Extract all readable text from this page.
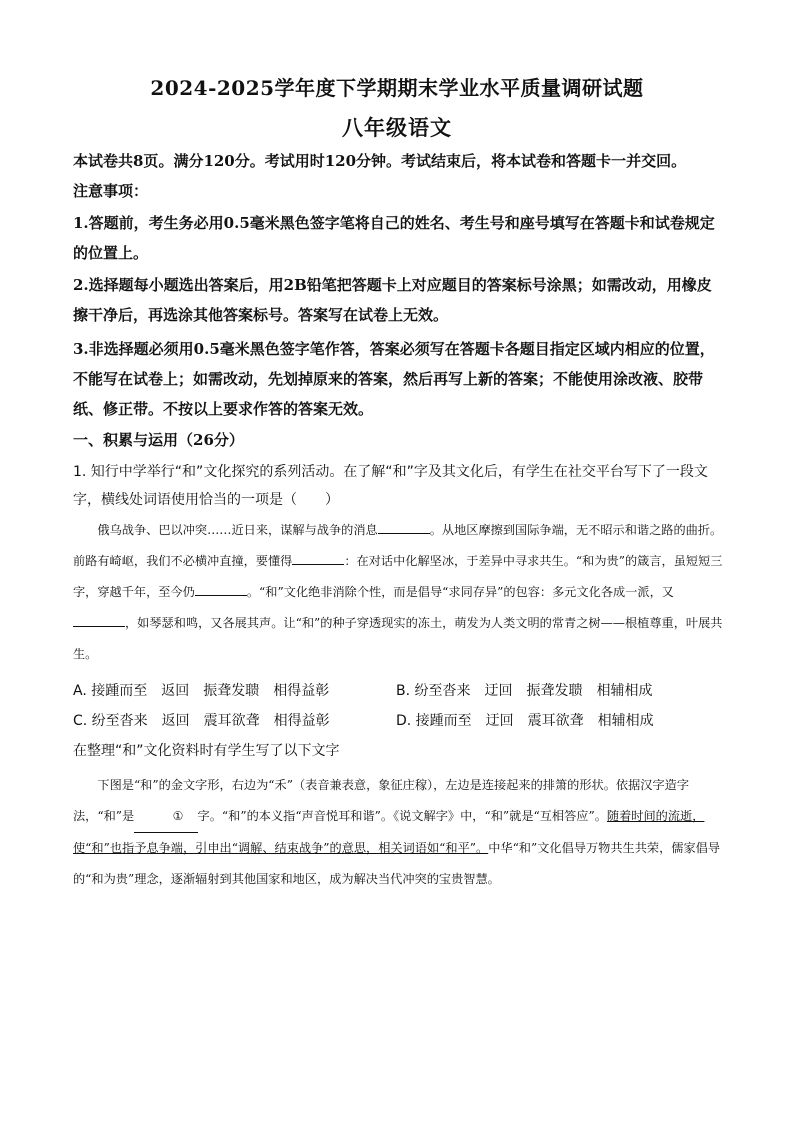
2024-2025学年度下学期期末学业水平质量调研试题
八年级语文

本试卷共8页。满分120分。考试用时120分钟。考试结束后，将本试卷和答题卡一并交回。

注意事项：

1.答题前，考生务必用0.5毫米黑色签字笔将自己的姓名、考生号和座号填写在答题卡和试卷规定的位置上。

2.选择题每小题选出答案后，用2B铅笔把答题卡上对应题目的答案标号涂黑；如需改动，用橡皮擦干净后，再选涂其他答案标号。答案写在试卷上无效。

3.非选择题必须用0.5毫米黑色签字笔作答，答案必须写在答题卡各题目指定区域内相应的位置，不能写在试卷上；如需改动，先划掉原来的答案，然后再写上新的答案；不能使用涂改液、胶带纸、修正带。不按以上要求作答的答案无效。

一、积累与运用（26分）

1. 知行中学举行“和”文化探究的系列活动。在了解“和”字及其文化后，有学生在社交平台写下了一段文字，横线处词语使用恰当的一项是（　　）

俄乌战争、巴以冲突……近日来，谋解与战争的消息	。从地区摩擦到国际争端，无不昭示和谐之路的曲折。前路有崎岖，我们不必横冲直撞，要懂得	：在对话中化解坚冰，于差异中寻求共生。“和为贵”的箴言，虽短短三字，穿越千年，至今仍	。“和”文化绝非消除个性，而是倡导“求同存异”的包容：多元文化各成一派，又，如琴瑟和鸣，又各展其声。让“和”的种子穿透现实的冻土，萌发为人类文明的常青之树——根植尊重，叶展共生。

A. 接踵而至　返回　振聋发聩　相得益彰	B. 纷至沓来　迂回　振聋发聩　相辅相成
C. 纷至沓来　返回　震耳欲聋　相得益彰	D. 接踵而至　迂回　震耳欲聋　相辅相成
在整理“和”文化资料时有学生写了以下文字

下图是“和”的金文字形，右边为“禾”（表音兼表意，象征庄稼），左边是连接起来的排箫的形状。依据汉字造字法，“和”是	① 字。“和”的本义指“声音悦耳和谐”。《说文解字》中，“和”就是“互相答应”。随着时间的流逝，使“和”也指予息争端，引申出“调解、结束战争”的意思，相关词语如“和平”。中华“和”文化倡导万物共生共荣，儒家倡导的“和为贵”理念，逐渐辐射到其他国家和地区，成为解决当代冲突的宝贵智慧。
